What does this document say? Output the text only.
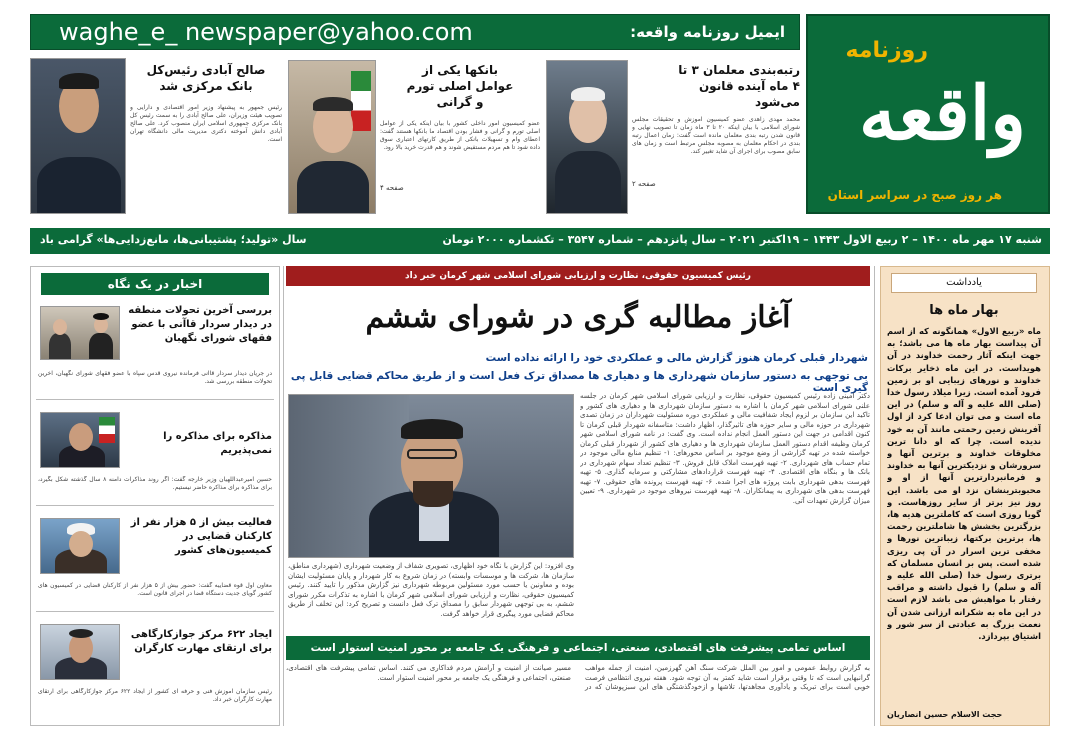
ایمیل روزنامه واقعه:
waghe_e_ newspaper@yahoo.com
روزنامه
واقعه
هر روز صبح در سراسر استان
رتبه‌بندی معلمان ۳ تا ۴ ماه آینده قانون می‌شود
محمد مهدی زاهدی عضو کمیسیون آموزش و تحقیقات مجلس شورای اسلامی با بیان اینکه ۲۰ تا ۳ ماه زمان تا تصویب نهایی و قانون شدن رتبه بندی معلمان مانده است گفت: زمان اعمال رتبه بندی در احکام معلمان به مصوبه مجلس مرتبط است و زمان های سابق مصوب برای اجرای آن شاید تغییر کند.
صفحه ۲
بانکها یکی از عوامل اصلی تورم و گرانی
عضو کمیسیون امور داخلی کشور با بیان اینکه یکی از عوامل اصلی تورم و گرانی و فشار بودن اقتصاد ما بانکها هستند گفت: اعطای وام و تسهیلات بانکی از طریق کارتهای اعتباری سوق داده شود تا هم مردم مستفیض شوند و هم قدرت خرید بالا رود.
صفحه ۴
صالح آبادی رئیس‌کل بانک مرکزی شد
رئیس جمهور به پیشنهاد وزیر امور اقتصادی و دارایی و تصویب هیئت وزیران، علی صالح آبادی را به سمت رئیس کل بانک مرکزی جمهوری اسلامی ایران منصوب کرد. علی صالح آبادی دانش آموخته دکتری مدیریت مالی دانشگاه تهران است.
شنبه ۱۷ مهر ماه ۱۴۰۰ – ۲ ربیع الاول ۱۴۴۳ – ۱۹اکتبر ۲۰۲۱ – سال پانزدهم – شماره ۳۵۴۷ – تکشماره ۲۰۰۰ تومان
سال «تولید؛ پشتیبانی‌ها، مانع‌زدایی‌ها» گرامی باد
یادداشت
بهار ماه ها
ماه «ربیع الاول» همانگونه که از اسم آن پیداست بهار ماه ها می باشد؛ به جهت اینکه آثار رحمت خداوند در آن هویداست. در این ماه ذخایر برکات خداوند و نورهای زیبایی او بر زمین فرود آمده است. زیرا میلاد رسول خدا (صلی الله علیه و آله و سلم) در این ماه است و می توان ادعا کرد از اول آفرینش زمین رحمتی مانند آن به خود ندیده است. چرا که او دانا ترین مخلوقات خداوند و برترین آنها و سرورشان و نزدیکترین آنها به خداوند و فرمانبردارترین آنها از او و محبوبترینشان نزد او می باشد. این روز نیز برتر از سایر روزهاست. و گویا روزی است که کاملترین هدیه ها، بزرگترین بخشش ها شاملترین رحمت ها، برترین برکتها، زیباترین نورها و مخفی ترین اسرار در آن پی ریزی شده است. پس بر انسان مسلمان که برتری رسول خدا (صلی الله علیه و آله و سلم) را قبول داشته و مراقب رفتار با مواهبش می باشد لازم است در این ماه به شکرانه ارزانی شدن آن نعمت بزرگ به عبادتی از سر شور و اشتیاق بپردازد.
حجت الاسلام حسین انصاریان
رئیس کمیسیون حقوقی، نظارت و ارزیابی شورای اسلامی شهر کرمان خبر داد
آغاز مطالبه گری در شورای ششم
شهردار قبلی کرمان هنوز گزارش مالی و عملکردی خود را ارائه نداده است
بی توجهی به دستور سازمان شهرداری ها و دهیاری ها مصداق ترک فعل است و از طریق محاکم قضایی قابل پی گیری است
دکتر امینی زاده رئیس کمیسیون حقوقی، نظارت و ارزیابی شورای اسلامی شهر کرمان در جلسه علنی شورای اسلامی شهر کرمان با اشاره به دستور سازمان شهرداری ها و دهیاری های کشور و تاکید این سازمان بر لزوم ایجاد شفافیت مالی و عملکردی دوره مسئولیت شهرداران در زمان تصدی شهرداری در حوزه مالی و سایر حوزه های تاثیرگذار، اظهار داشت: متاسفانه شهردار قبلی کرمان تا کنون اقدامی در جهت این دستور العمل انجام نداده است. وی گفت: در نامه شورای اسلامی شهر کرمان وظیفه اقدام دستور العمل سازمان شهرداری ها و دهیاری های کشور از شهردار قبلی کرمان خواسته شده در تهیه گزارشی از وضع موجود بر اساس محورهای: ۱- تنظیم منابع مالی موجود در تمام حساب های شهرداری. ۲- تهیه فهرست املاک قابل فروش. ۳- تنظیم تعداد سهام شهرداری در بانک ها و بنگاه های اقتصادی. ۴- تهیه فهرست قراردادهای مشارکتی و سرمایه گذاری. ۵- تهیه فهرست بدهی شهرداری بابت پروژه های اجرا شده. ۶- تهیه فهرست پرونده های حقوقی. ۷- تهیه فهرست بدهی های شهرداری به پیمانکاران. ۸- تهیه فهرست نیروهای موجود در شهرداری. ۹- تعیین میزان گزارش تعهدات آتی.
وی افزود: این گزارش با نگاه خود اظهاری، تصویری شفاف از وضعیت شهرداری (شهرداری مناطق، سازمان ها، شرکت ها و موسسات وابسته) در زمان شروع به کار شهردار و پایان مسئولیت ایشان بوده و معاونین یا حسب مورد مسئولین مربوطه شهرداری نیز گزارش مذکور را تایید کنند. رئیس کمیسیون حقوقی، نظارت و ارزیابی شورای اسلامی شهر کرمان با اشاره به تذکرات مکرر شورای ششم، به بی توجهی شهردار سابق را مصداق ترک فعل دانست و تصریح کرد: این تخلف از طریق محاکم قضایی مورد پیگیری قرار خواهد گرفت.
اساس تمامی پیشرفت های اقتصادی، صنعتی، اجتماعی و فرهنگی یک جامعه بر محور امنیت استوار است
به گزارش روابط عمومی و امور بین الملل شرکت سنگ آهن گهرزمین، امنیت از جمله مواهب گرانبهایی است که تا وقتی برقرار است شاید کمتر به آن توجه شود. هفته نیروی انتظامی فرصت خوبی است برای تبریک و یادآوری مجاهدتها، تلاشها و ازخودگذشتگی های این سبزپوشان که در مسیر صیانت از امنیت و آرامش مردم فداکاری می کنند. اساس تمامی پیشرفت های اقتصادی، صنعتی، اجتماعی و فرهنگی یک جامعه بر محور امنیت استوار است.
اخبار در یک نگاه
بررسی آخرین تحولات منطقه در دیدار سردار قاآنی با عضو فقهای شورای نگهبان
در جریان دیدار سردار قاآنی فرمانده نیروی قدس سپاه با عضو فقهای شورای نگهبان، آخرین تحولات منطقه بررسی شد.
مذاکره برای مذاکره را نمی‌پذیریم
حسین امیرعبداللهیان وزیر خارجه گفت: اگر روند مذاکرات دامنه ۸ سال گذشته شکل بگیرد، برای مذاکره برای مذاکره حاضر نیستیم.
فعالیت بیش از ۵ هزار نفر از کارکنان قضایی در کمیسیون‌های کشور
معاون اول قوه قضاییه گفت: حضور بیش از ۵ هزار نفر از کارکنان قضایی در کمیسیون های کشور گویای جدیت دستگاه قضا در اجرای قانون است.
ایجاد ۶۲۲ مرکز جوازکارگاهی برای ارتقای مهارت کارگران
رئیس سازمان آموزش فنی و حرفه ای کشور از ایجاد ۶۲۲ مرکز جوازکارگاهی برای ارتقای مهارت کارگران خبر داد.
